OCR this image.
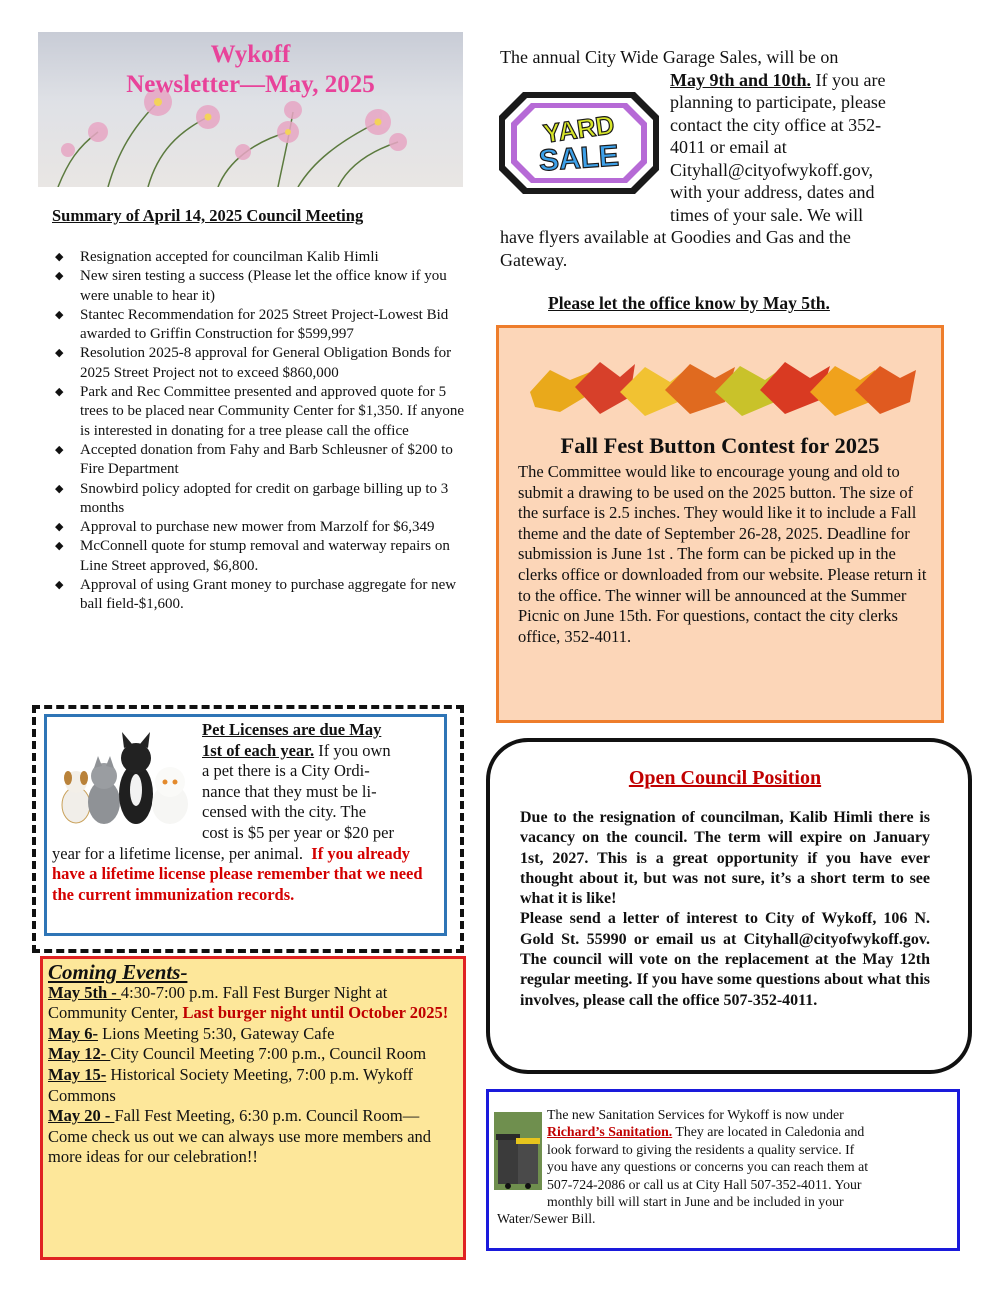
Wykoff
Newsletter—May, 2025
Summary of April 14, 2025 Council Meeting
◆ Resignation accepted for councilman Kalib Himli
◆ New siren testing a success (Please let the office know if you were unable to hear it)
◆ Stantec Recommendation for 2025 Street Project-Lowest Bid awarded to Griffin Construction for $599,997
◆ Resolution 2025-8 approval for General Obligation Bonds for 2025 Street Project not to exceed $860,000
◆ Park and Rec Committee presented and approved quote for 5 trees to be placed near Community Center for $1,350. If anyone is interested in donating for a tree please call the office
◆ Accepted donation from Fahy and Barb Schleusner of $200 to Fire Department
◆ Snowbird policy adopted for credit on garbage billing up to 3 months
◆ Approval to purchase new mower from Marzolf for $6,349
◆ McConnell quote for stump removal and waterway repairs on Line Street approved, $6,800.
◆ Approval of using Grant money to purchase aggregate for new ball field-$1,600.
The annual City Wide Garage Sales, will be on
May 9th and 10th. If you are
planning to participate, please
contact the city office at 352-
4011 or email at
Cityhall@cityofwykoff.gov,
with your address, dates and
times of your sale. We will
have flyers available at Goodies and Gas and the Gateway.
YARD
SALE
Please let the office know by May 5th.
Fall Fest Button Contest for 2025
The Committee would like to encourage young and old to submit a drawing to be used on the 2025 button. The size of the surface is 2.5 inches. They would like it to include a Fall theme and the date of September 26-28, 2025. Deadline for submission is June 1st . The form can be picked up in the clerks office or downloaded from our website. Please return it to the office. The winner will be announced at the Summer Picnic on June 15th. For questions, contact the city clerks office, 352-4011.
Pet Licenses are due May
1st of each year. If you own
a pet there is a City Ordi-
nance that they must be li-
censed with the city. The
cost is $5 per year or $20 per
year for a lifetime license, per animal. If you already have a lifetime license please remember that we need the current immunization records.
Coming Events-
May 5th - 4:30-7:00 p.m. Fall Fest Burger Night at Community Center, Last burger night until October 2025!
May 6- Lions Meeting 5:30, Gateway Cafe
May 12- City Council Meeting 7:00 p.m., Council Room
May 15- Historical Society Meeting, 7:00 p.m. Wykoff Commons
May 20 - Fall Fest Meeting, 6:30 p.m. Council Room—Come check us out we can always use more members and more ideas for our celebration!!
Open Council Position
Due to the resignation of councilman, Kalib Himli there is vacancy on the council. The term will expire on January 1st, 2027. This is a great opportunity if you have ever thought about it, but was not sure, it’s a short term to see what it is like!
Please send a letter of interest to City of Wykoff, 106 N. Gold St. 55990 or email us at Cityhall@cityofwykoff.gov. The council will vote on the replacement at the May 12th regular meeting. If you have some questions about what this involves, please call the office 507-352-4011.
The new Sanitation Services for Wykoff is now under
Richard’s Sanitation. They are located in Caledonia and
look forward to giving the residents a quality service. If
you have any questions or concerns you can reach them at
507-724-2086 or call us at City Hall 507-352-4011. Your
monthly bill will start in June and be included in your
Water/Sewer Bill.
